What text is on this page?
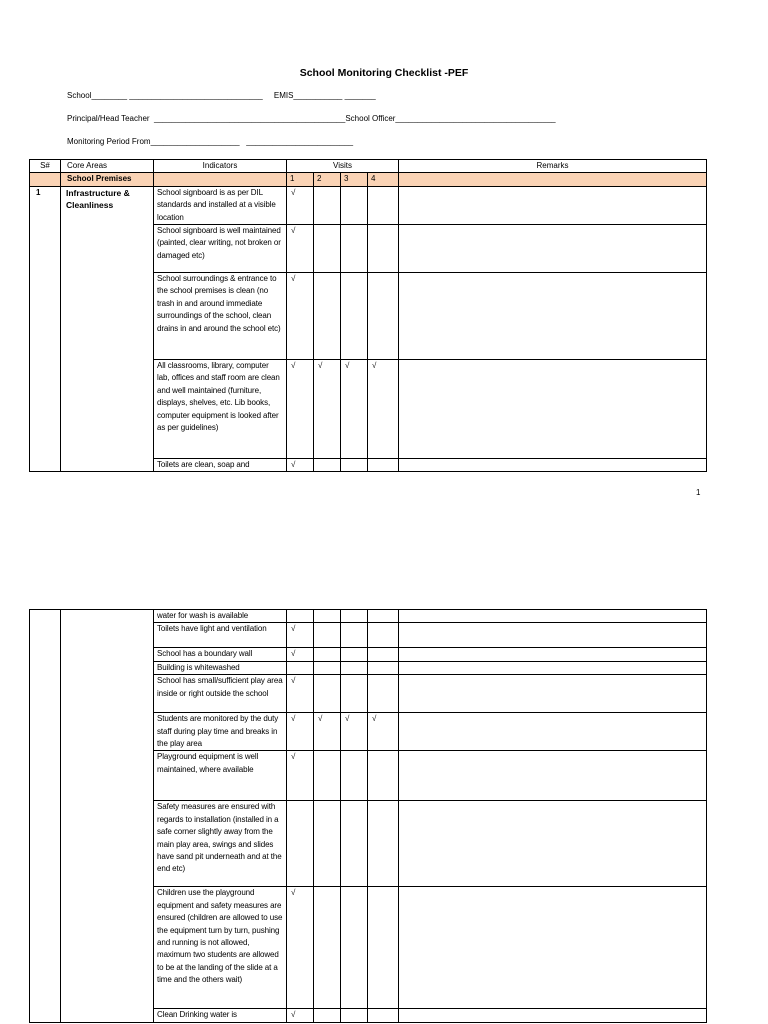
School Monitoring Checklist -PEF
School________ ______________________________     EMIS___________ _______
Principal/Head Teacher  ___________________________________________School Officer____________________________________
Monitoring Period From____________________   ________________________
S#	Core Areas	Indicators	Visits				Remarks
	School Premises		1	2	3	4	
1	Infrastructure & Cleanliness	School signboard is as per DIL standards and installed at a visible location	√				
		School signboard is well maintained (painted, clear writing, not broken or damaged etc)	√				
		School surroundings & entrance to the school premises is clean (no trash in and around immediate surroundings of the school, clean drains in and around the school etc)	√				
		All classrooms, library, computer lab, offices and staff room are clean and well maintained (furniture, displays, shelves, etc. Lib books, computer equipment is looked after as per guidelines)	√	√	√	√	
		Toilets are clean, soap and	√				
1
		water for wash is available					
		Toilets have light and ventilation	√				
		School has a boundary wall	√				
		Building is whitewashed					
		School has small/sufficient play area inside or right outside the school	√				
		Students are monitored by the duty staff during play time and breaks in the play area	√	√	√	√	
		Playground equipment is well maintained, where available	√				
		Safety measures are ensured with regards to installation (installed in a safe corner slightly away from the main play area, swings and slides have sand pit underneath and at the end etc)					
		Children use the playground equipment and safety measures are ensured (children are allowed to use the equipment turn by turn, pushing and running is not allowed, maximum two students are allowed to be at the landing of the slide at a time and the others wait)	√				
		Clean Drinking water is	√				
